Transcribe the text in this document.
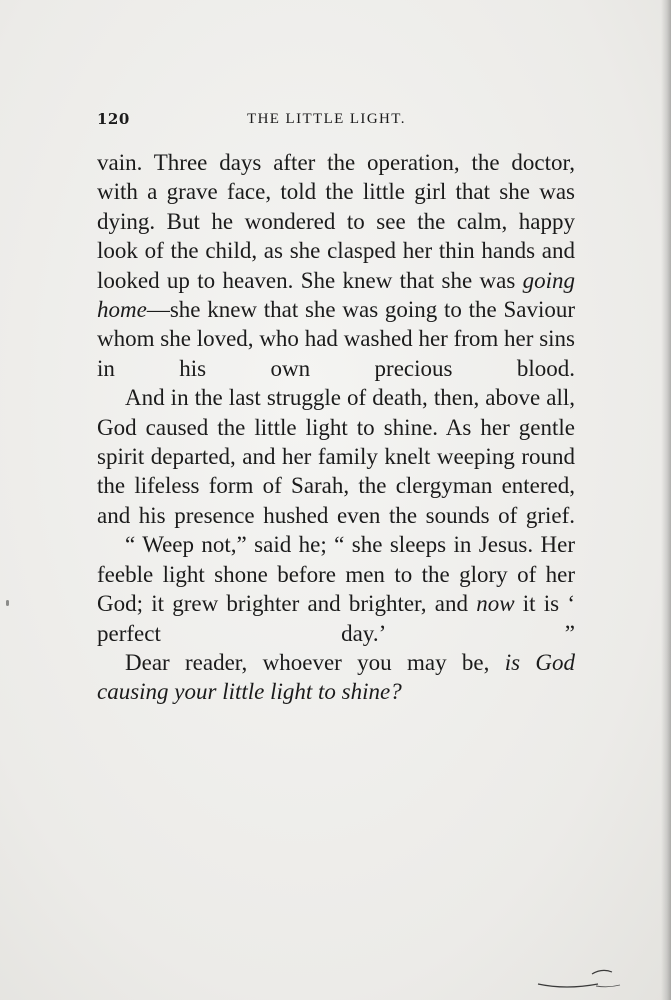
120	THE LITTLE LIGHT.

vain. Three days after the operation, the doctor, with a grave face, told the little girl that she was dying. But he wondered to see the calm, happy look of the child, as she clasped her thin hands and looked up to heaven. She knew that she was going home—she knew that she was going to the Saviour whom she loved, who had washed her from her sins in his own precious blood.

And in the last struggle of death, then, above all, God caused the little light to shine. As her gentle spirit departed, and her family knelt weeping round the lifeless form of Sarah, the clergyman entered, and his presence hushed even the sounds of grief.

“ Weep not,” said he; “ she sleeps in Jesus. Her feeble light shone before men to the glory of her God; it grew brighter and brighter, and now it is ‘ perfect day.’ ”

Dear reader, whoever you may be, is God causing your little light to shine?
